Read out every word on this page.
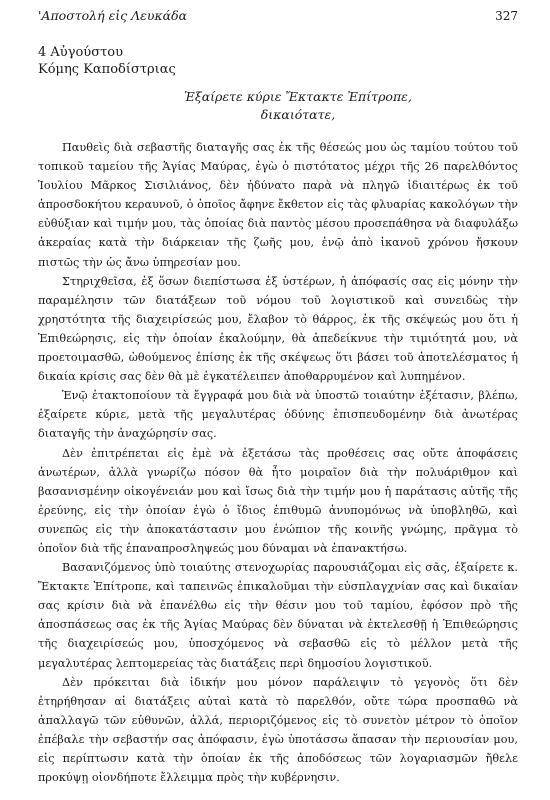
'Αποστολή εἰς Λευκάδα	327
4 Αὐγούστου
Κόμης Καποδίστριας
Ἐξαίρετε κύριε Ἔκτακτε Ἐπίτροπε,
δικαιότατε,

Παυθεὶς διὰ σεβαστῆς διαταγῆς σας ἐκ τῆς θέσεώς μου ὡς ταμίου τούτου τοῦ τοπικοῦ ταμείου τῆς Ἁγίας Μαύρας, ἐγὼ ὁ πιστότατος μέχρι τῆς 26 παρελθόντος Ἰουλίου Μᾶρκος Σισιλιάνος, δὲν ἠδύνατο παρὰ νὰ πληγῶ ἰδιαιτέρως ἐκ τοῦ ἀπροσδοκήτου κεραυνοῦ, ὁ ὁποῖος ἄφηνε ἔκθετον εἰς τὰς φλυαρίας κακολόγων τὴν εὐθύξιαν καὶ τιμήν μου, τὰς ὁποίας διὰ παντὸς μέσου προσεπάθησα νὰ διαφυλάξω ἀκεραίας κατὰ τὴν διάρκειαν τῆς ζωῆς μου, ἐνῷ ἀπὸ ἱκανοῦ χρόνου ἤσκουν πιστῶς τὴν ὡς ἄνω ὑπηρεσίαν μου.

Στηριχθεῖσα, ἐξ ὅσων διεπίστωσα ἐξ ὑστέρων, ἡ ἀπόφασίς σας εἰς μόνην τὴν παραμέλησιν τῶν διατάξεων τοῦ νόμου τοῦ λογιστικοῦ καὶ συνειδὼς τὴν χρηστότητα τῆς διαχειρίσεώς μου, ἔλαβον τὸ θάρρος, ἐκ τῆς σκέψεώς μου ὅτι ἡ Ἐπιθεώρησις, εἰς τὴν ὁποίαν ἐκαλούμην, θὰ ἀπεδείκνυε τὴν τιμιότητά μου, νὰ προετοιμασθῶ, ὠθούμενος ἐπίσης ἐκ τῆς σκέψεως ὅτι βάσει τοῦ ἀποτελέσματος ἡ δικαία κρίσις σας δὲν θὰ μὲ ἐγκατέλειπεν ἀποθαρρυμένον καὶ λυπημένον.

Ἐνῷ ἐτακτοποίουν τὰ ἔγγραφά μου διὰ νὰ ὑποστῶ τοιαύτην ἐξέτασιν, βλέπω, ἐξαίρετε κύριε, μετὰ τῆς μεγαλυτέρας ὀδύνης ἐπισπευδομένην διὰ ἀνωτέρας διαταγῆς τὴν ἀναχώρησίν σας.

Δὲν ἐπιτρέπεται εἰς ἐμὲ νὰ ἐξετάσω τὰς προθέσεις σας οὔτε ἀποφάσεις ἀνωτέρων, ἀλλὰ γνωρίζω πόσον θὰ ἦτο μοιραῖον διὰ τὴν πολυάριθμον καὶ βασανισμένην οἰκογένειάν μου καὶ ἴσως διὰ τὴν τιμήν μου ἡ παράτασις αὐτῆς τῆς ἐρεύνης, εἰς τὴν ὁποίαν ἐγὼ ὁ ἴδιος ἐπιθυμῶ ἀνυπομόνως νὰ ὑποβληθῶ, καὶ συνεπῶς εἰς τὴν ἀποκατάστασιν μου ἐνώπιον τῆς κοινῆς γνώμης, πρᾶγμα τὸ ὁποῖον διὰ τῆς ἐπαναπροσληψεώς μου δύναμαι νὰ ἐπανακτήσω.

Βασανιζόμενος ὑπὸ τοιαύτης στενοχωρίας παρουσιάζομαι εἰς σᾶς, ἐξαίρετε κ. Ἔκτακτε Ἐπίτροπε, καὶ ταπεινῶς ἐπικαλοῦμαι τὴν εὐσπλαγχνίαν σας καὶ δικαίαν σας κρίσιν διὰ νὰ ἐπανέλθω εἰς τὴν θέσιν μου τοῦ ταμίου, ἐφόσον πρὸ τῆς ἀποσπάσεως σας ἐκ τῆς Ἁγίας Μαύρας δὲν δύναται νὰ ἐκτελεσθῇ ἡ Ἐπιθεώρησις τῆς διαχειρίσεώς μου, ὑποσχόμενος νὰ σεβασθῶ εἰς τὸ μέλλον μετὰ τῆς μεγαλυτέρας λεπτομερείας τὰς διατάξεις περὶ δημοσίου λογιστικοῦ.

Δὲν πρόκειται διὰ ἰδικήν μου μόνον παράλειψιν τὸ γεγονὸς ὅτι δὲν ἐτηρήθησαν αἱ διατάξεις αὐταὶ κατὰ τὸ παρελθόν, οὔτε τώρα προσπαθῶ νὰ ἀπαλλαγῶ τῶν εὐθυνῶν, ἀλλά, περιοριζόμενος εἰς τὸ συνετὸν μέτρον τὸ ὁποῖον ἐπέβαλε τὴν σεβαστήν σας ἀπόφασιν, ἐγὼ ὑποτάσσω ἅπασαν τὴν περιουσίαν μου, εἰς περίπτωσιν κατὰ τὴν ὁποίαν ἐκ τῆς ἀποδόσεως τῶν λογαριασμῶν ἤθελε προκύψῃ οἱονδήποτε ἔλλειμμα πρὸς τὴν κυβέρνησιν.
